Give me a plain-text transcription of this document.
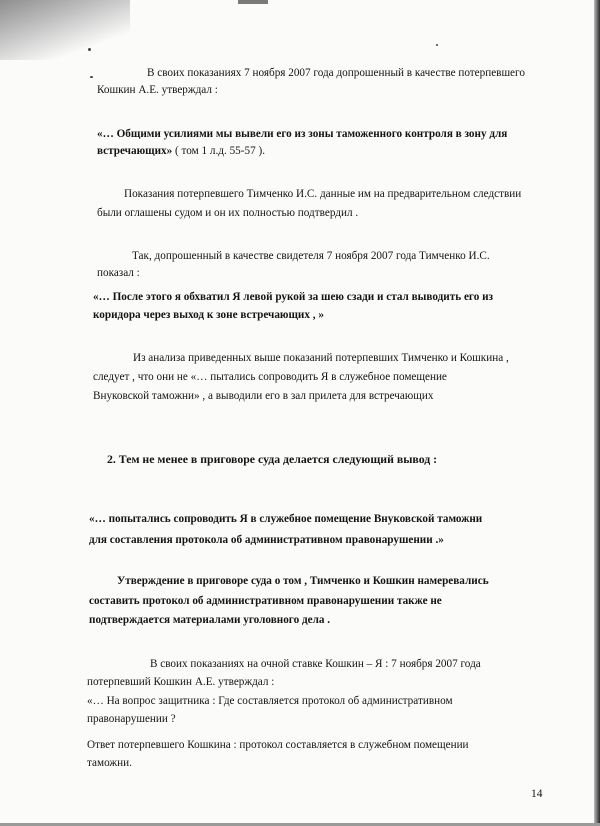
В своих показаниях 7 ноября 2007 года допрошенный в качестве потерпевшего
Кошкин А.Е. утверждал :
«… Общими усилиями мы вывели его из зоны таможенного контроля в зону для
встречающих» ( том 1 л.д. 55-57 ).
Показания потерпевшего Тимченко И.С. данные им на предварительном следствии
были оглашены судом и он их полностью подтвердил .
Так, допрошенный в качестве свидетеля 7 ноября 2007 года Тимченко И.С.
показал :
«… После этого я обхватил Я левой рукой за шею сзади и стал выводить его из
коридора через выход к зоне встречающих , »
Из анализа приведенных выше показаний потерпевших Тимченко и Кошкина ,
следует , что они не «… пытались сопроводить Я в служебное помещение
Внуковской таможни» , а выводили его в зал прилета для встречающих
2. Тем не менее в приговоре суда делается следующий вывод :
«… попытались сопроводить Я в служебное помещение Внуковской таможни
для составления протокола об административном правонарушении .»
Утверждение в приговоре суда о том , Тимченко и Кошкин намеревались
составить протокол об административном правонарушении также не
подтверждается материалами уголовного дела .
В своих показаниях на очной ставке Кошкин – Я : 7 ноября 2007 года
потерпевший Кошкин А.Е. утверждал :
«… На вопрос защитника : Где составляется протокол об административном
правонарушении ?
Ответ потерпевшего Кошкина : протокол составляется в служебном помещении
таможни.
14
